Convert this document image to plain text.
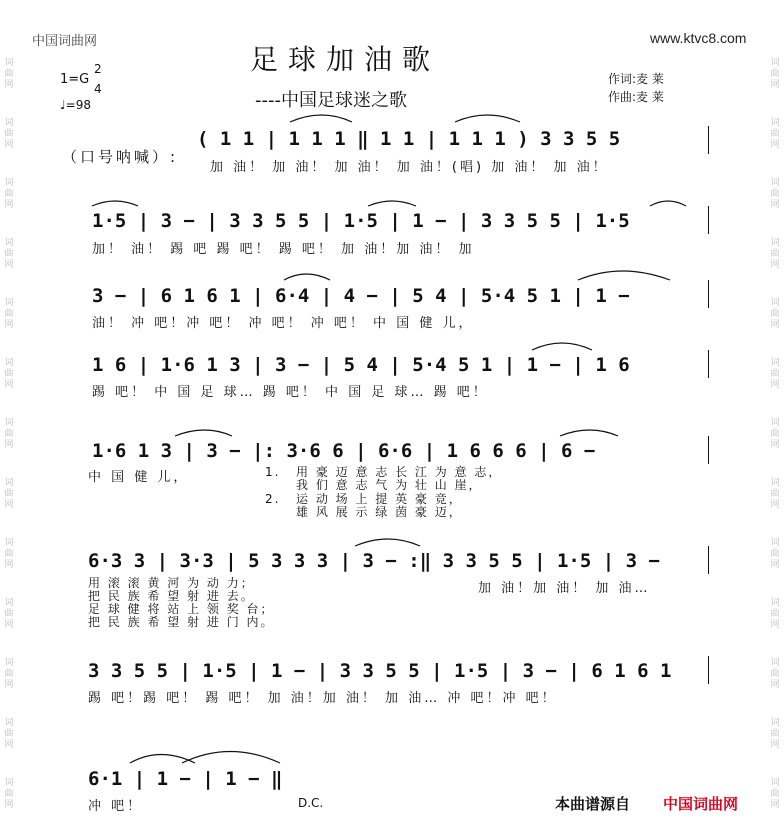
中国词曲网	www.ktvc8.com
词曲网
词曲网
词曲网
词曲网
词曲网
词曲网
词曲网
词曲网
词曲网
词曲网
词曲网
词曲网
词曲网
词曲网
词曲网
词曲网
词曲网
词曲网
词曲网
词曲网
词曲网
词曲网
词曲网
词曲网
词曲网
词曲网
足球加油歌
----中国足球迷之歌
作词:麦 莱
作曲:麦 莱
1=G
2
4
♩=98
（口号呐喊）:
( 1 1 | 1 1 1 ‖ 1 1 | 1 1 1 ) 3 3 5 5
加 油！ 加 油！ 加 油！ 加 油！(唱) 加 油！ 加 油！
1·5 | 3 − | 3 3 5 5 | 1·5 | 1 − | 3 3 5 5 | 1·5
加！ 油！ 踢 吧 踢 吧！ 踢 吧！ 加 油！加 油！ 加
3 − | 6 1 6 1 | 6·4 | 4 − | 5 4 | 5·4 5 1 | 1 −
油！ 冲 吧！冲 吧！ 冲 吧！ 冲 吧！ 中 国 健 儿，
1 6 | 1·6 1 3 | 3 − | 5 4 | 5·4 5 1 | 1 − | 1 6
踢 吧！ 中 国 足 球… 踢 吧！ 中 国 足 球… 踢 吧！
1·6 1 3 | 3 − |: 3·6 6 | 6·6 | 1 6 6 6 | 6 −
中 国 健 儿，	1. 用 豪 迈 意 志 长 江 为 意 志，
我 们 意 志 气 为 壮 山 崖，
2. 运 动 场 上 提 英 豪 竞，
雄 风 展 示 绿 茵 豪 迈，
6·3 3 | 3·3 | 5 3 3 3 | 3 − :‖ 3 3 5 5 | 1·5 | 3 −
用 滚 滚 黄 河 为 动 力；
把 民 族 希 望 射 进 去。
足 球 健 将 站 上 领 奖 台；
把 民 族 希 望 射 进 门 内。
加 油！加 油！ 加 油…
3 3 5 5 | 1·5 | 1 − | 3 3 5 5 | 1·5 | 3 − | 6 1 6 1
踢 吧！踢 吧！ 踢 吧！ 加 油！加 油！ 加 油… 冲 吧！冲 吧！
6·1 | 1 − | 1 − ‖
冲 吧！	D.C.	本曲谱源自 中国词曲网
